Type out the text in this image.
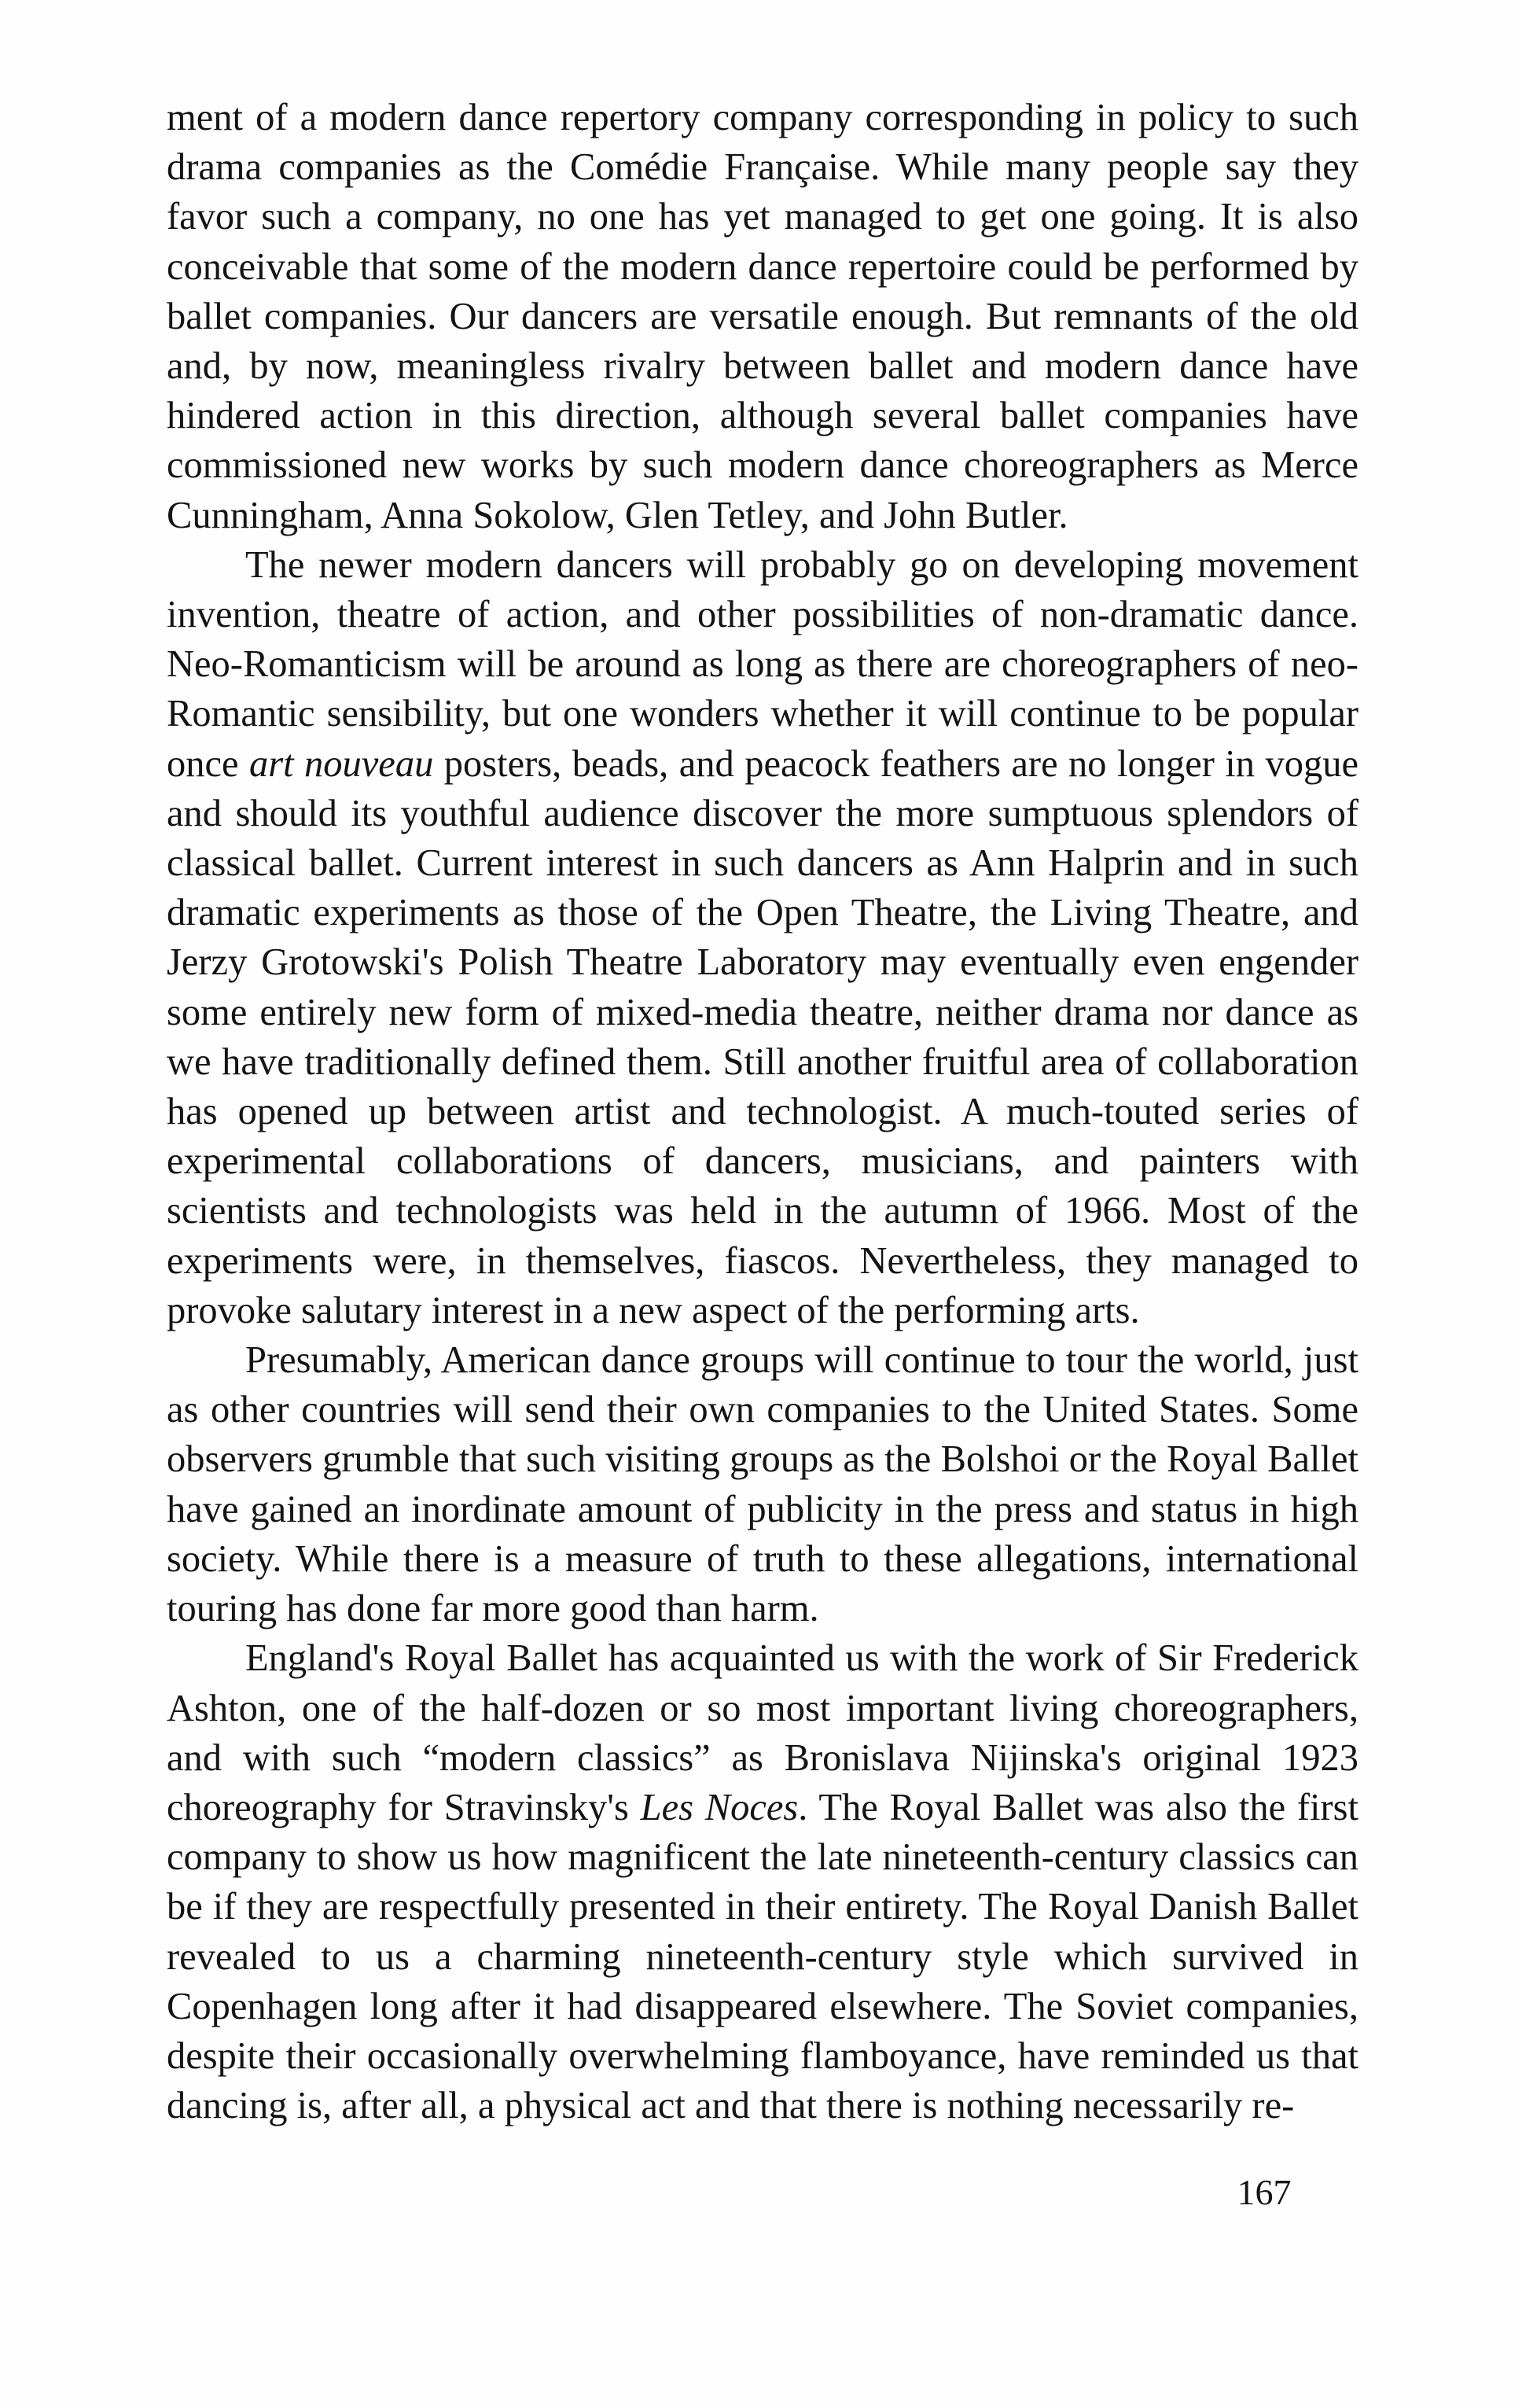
ment of a modern dance repertory company corresponding in policy to such drama companies as the Comédie Française. While many people say they favor such a company, no one has yet managed to get one going. It is also conceivable that some of the modern dance repertoire could be performed by ballet companies. Our dancers are versatile enough. But remnants of the old and, by now, meaningless rivalry between ballet and modern dance have hindered action in this direction, although several ballet companies have commissioned new works by such modern dance choreographers as Merce Cunningham, Anna Sokolow, Glen Tetley, and John Butler.

The newer modern dancers will probably go on developing movement invention, theatre of action, and other possibilities of non-dramatic dance. Neo-Romanticism will be around as long as there are choreographers of neo-Romantic sensibility, but one wonders whether it will continue to be popular once art nouveau posters, beads, and peacock feathers are no longer in vogue and should its youthful audience discover the more sumptuous splendors of classical ballet. Current interest in such dancers as Ann Halprin and in such dramatic experiments as those of the Open Theatre, the Living Theatre, and Jerzy Grotowski's Polish Theatre Laboratory may eventually even engender some entirely new form of mixed-media theatre, neither drama nor dance as we have traditionally defined them. Still another fruitful area of collaboration has opened up between artist and technologist. A much-touted series of experimental collaborations of dancers, musicians, and painters with scientists and technologists was held in the autumn of 1966. Most of the experiments were, in themselves, fiascos. Nevertheless, they managed to provoke salutary interest in a new aspect of the performing arts.

Presumably, American dance groups will continue to tour the world, just as other countries will send their own companies to the United States. Some observers grumble that such visiting groups as the Bolshoi or the Royal Ballet have gained an inordinate amount of publicity in the press and status in high society. While there is a measure of truth to these allegations, international touring has done far more good than harm.

England's Royal Ballet has acquainted us with the work of Sir Frederick Ashton, one of the half-dozen or so most important living choreographers, and with such “modern classics” as Bronislava Nijinska's original 1923 choreography for Stravinsky's Les Noces. The Royal Ballet was also the first company to show us how magnificent the late nineteenth-century classics can be if they are respectfully presented in their entirety. The Royal Danish Ballet revealed to us a charming nineteenth-century style which survived in Copenhagen long after it had disappeared elsewhere. The Soviet companies, despite their occasionally overwhelming flamboyance, have reminded us that dancing is, after all, a physical act and that there is nothing necessarily re-

167
